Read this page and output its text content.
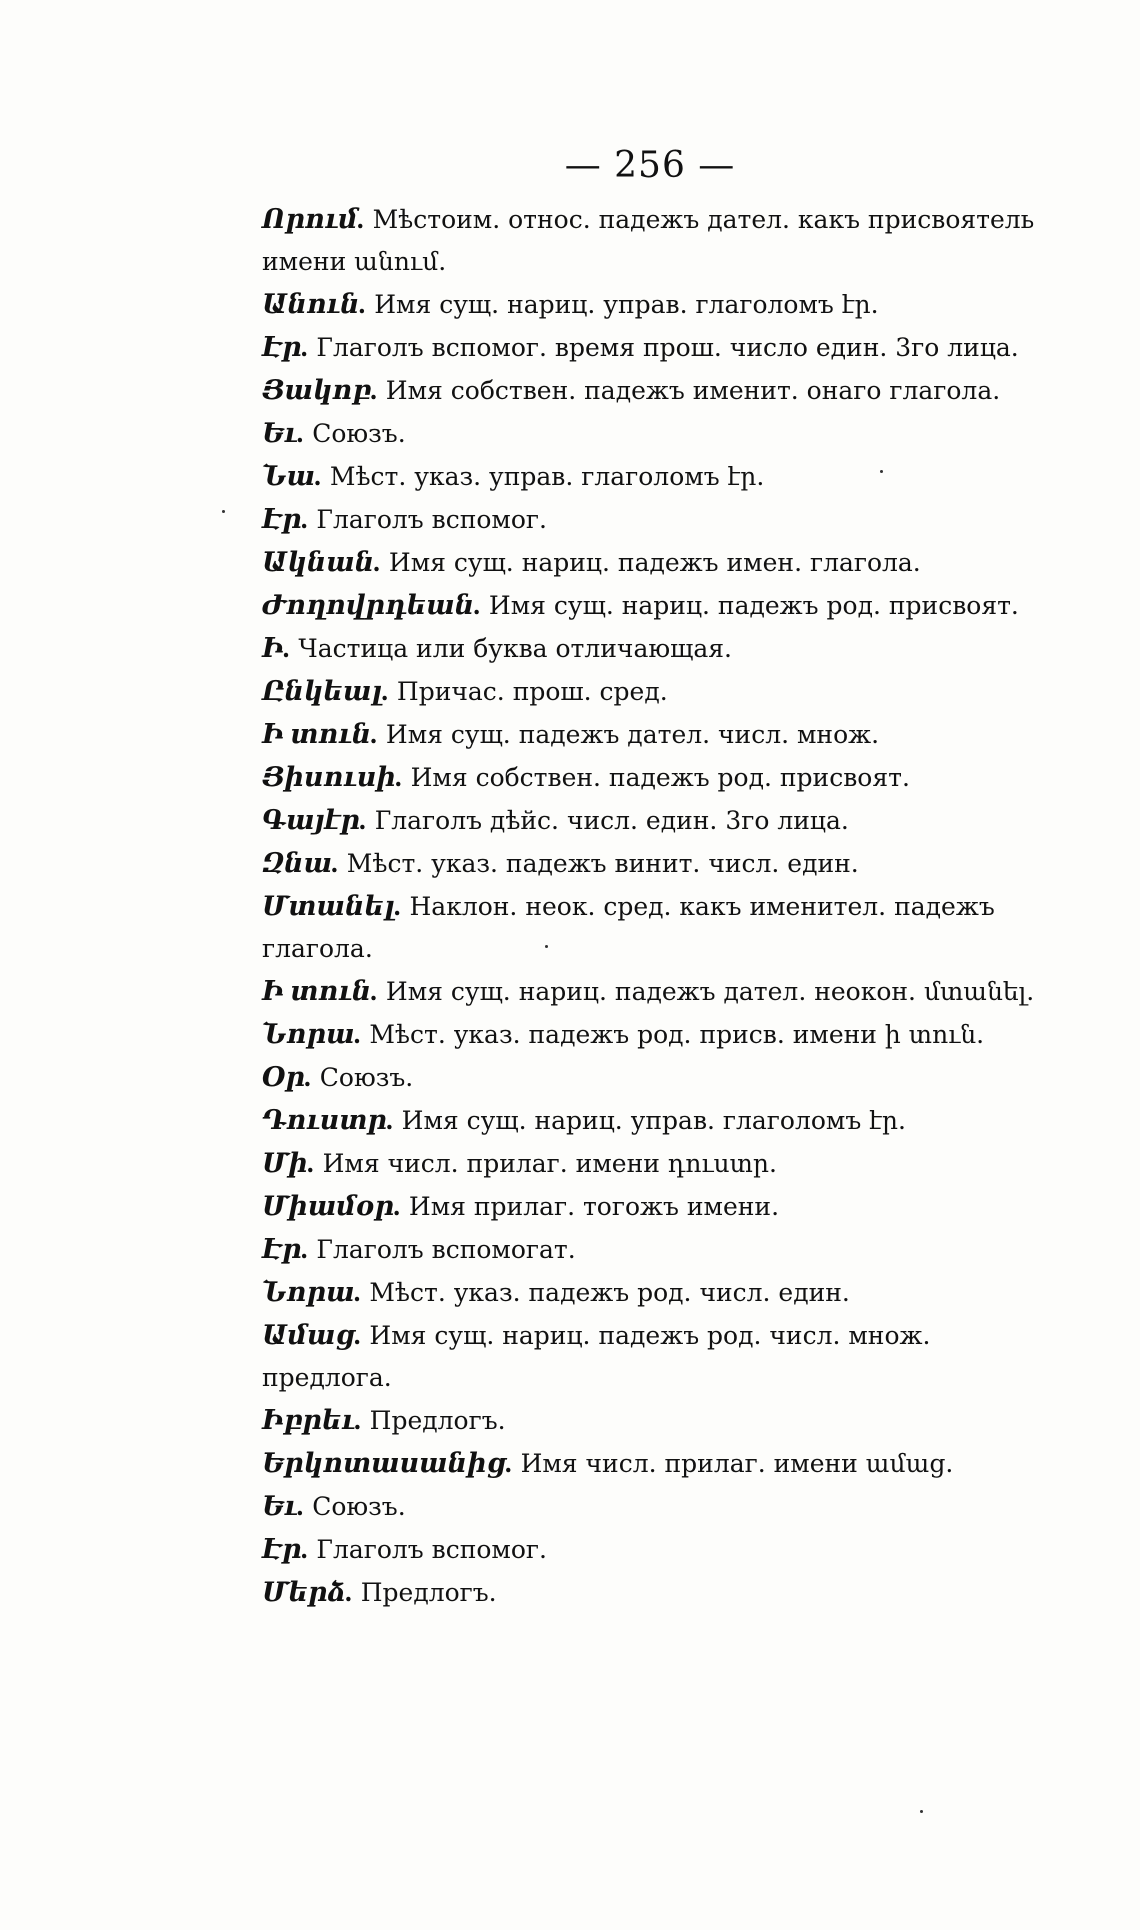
— 256 —
Որում. Мѣстоим. относ. падежъ дател. какъ присвоятель имени անում.
Անուն. Имя сущ. нариц. управ. глаголомъ էր.
Էր. Глаголъ вспомог. время прош. число един. 3го лица.
Յակոբ. Имя собствен. падежъ именит. онаго глагола.
Եւ. Союзъ.
Նա. Мѣст. указ. управ. глаголомъ էր.
Էր. Глаголъ вспомог.
Ակնան. Имя сущ. нариц. падежъ имен. глагола.
Ժողովրդեան. Имя сущ. нариц. падежъ род. присвоят.
Ի. Частица или буква отличающая.
Ընկեալ. Причас. прош. сред.
Ի տուն. Имя сущ. падежъ дател. числ. множ.
Յիսուսի. Имя собствен. падежъ род. присвоят.
Գայէր. Глаголъ дѣйс. числ. един. 3го лица.
Զնա. Мѣст. указ. падежъ винит. числ. един.
Մտանել. Наклон. неок. сред. какъ именител. падежъ глагола.
Ի տուն. Имя сущ. нариц. падежъ дател. неокон. մտանել.
Նորա. Мѣст. указ. падежъ род. присв. имени ի տուն.
Օր. Союзъ.
Դուստր. Имя сущ. нариц. управ. глаголомъ էր.
Մի. Имя числ. прилаг. имени դուստր.
Միամօր. Имя прилаг. тогожъ имени.
Էր. Глаголъ вспомогат.
Նորա. Мѣст. указ. падежъ род. числ. един.
Ամաց. Имя сущ. нариц. падежъ род. числ. множ. предлога.
Իբրեւ. Предлогъ.
Երկոտասանից. Имя числ. прилаг. имени ամաց.
Եւ. Союзъ.
Էր. Глаголъ вспомог.
Մերձ. Предлогъ.
